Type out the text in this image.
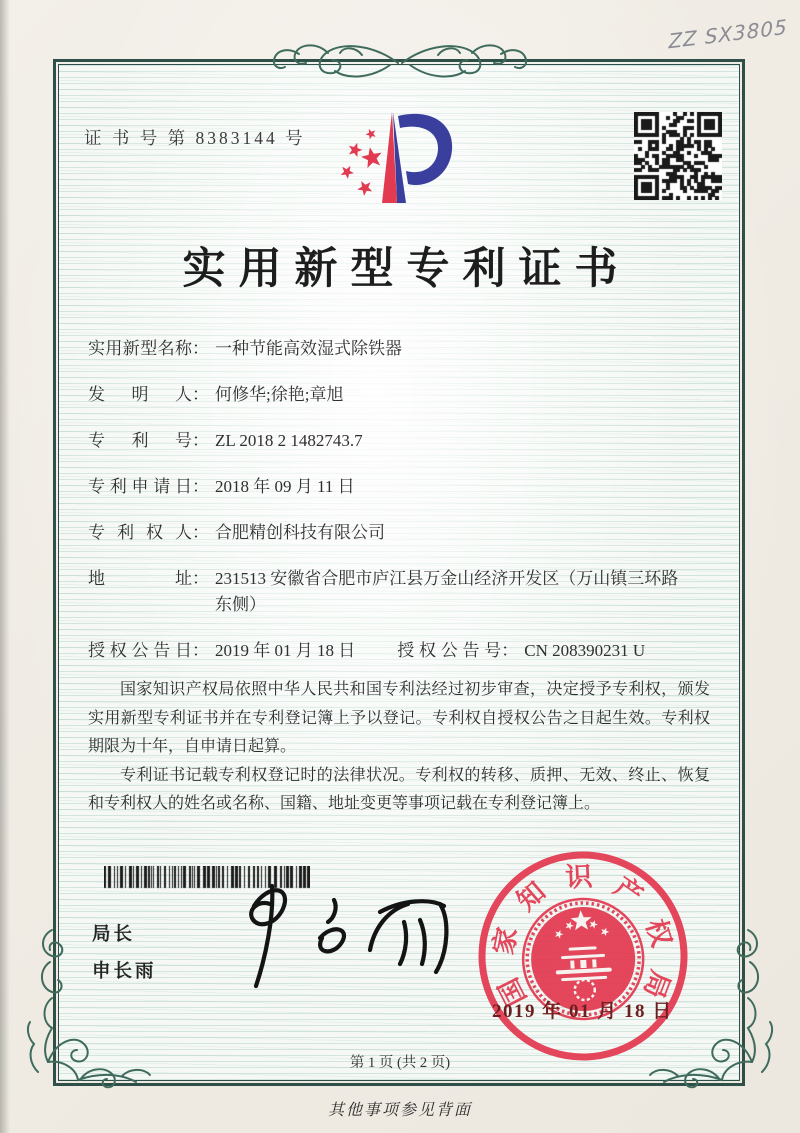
ZZ SX3805
证 书 号 第 8383144 号
实用新型专利证书
实用新型名称 ： 一种节能高效湿式除铁器
发明人 ： 何修华;徐艳;章旭
专利号 ： ZL 2018 2 1482743.7
专利申请日 ： 2018 年 09 月 11 日
专利权人 ： 合肥精创科技有限公司
地址 ： 231513 安徽省合肥市庐江县万金山经济开发区（万山镇三环路东侧）
授权公告日 ： 2019 年 01 月 18 日 授权公告号 ： CN 208390231 U

国家知识产权局依照中华人民共和国专利法经过初步审查，决定授予专利权，颁发实用新型专利证书并在专利登记簿上予以登记。专利权自授权公告之日起生效。专利权期限为十年，自申请日起算。

专利证书记载专利权登记时的法律状况。专利权的转移、质押、无效、终止、恢复和专利权人的姓名或名称、国籍、地址变更等事项记载在专利登记簿上。

局长
申长雨
国
家
知 识 产
权
局
2019 年 01 月 18 日
第 1 页 (共 2 页)
其他事项参见背面
